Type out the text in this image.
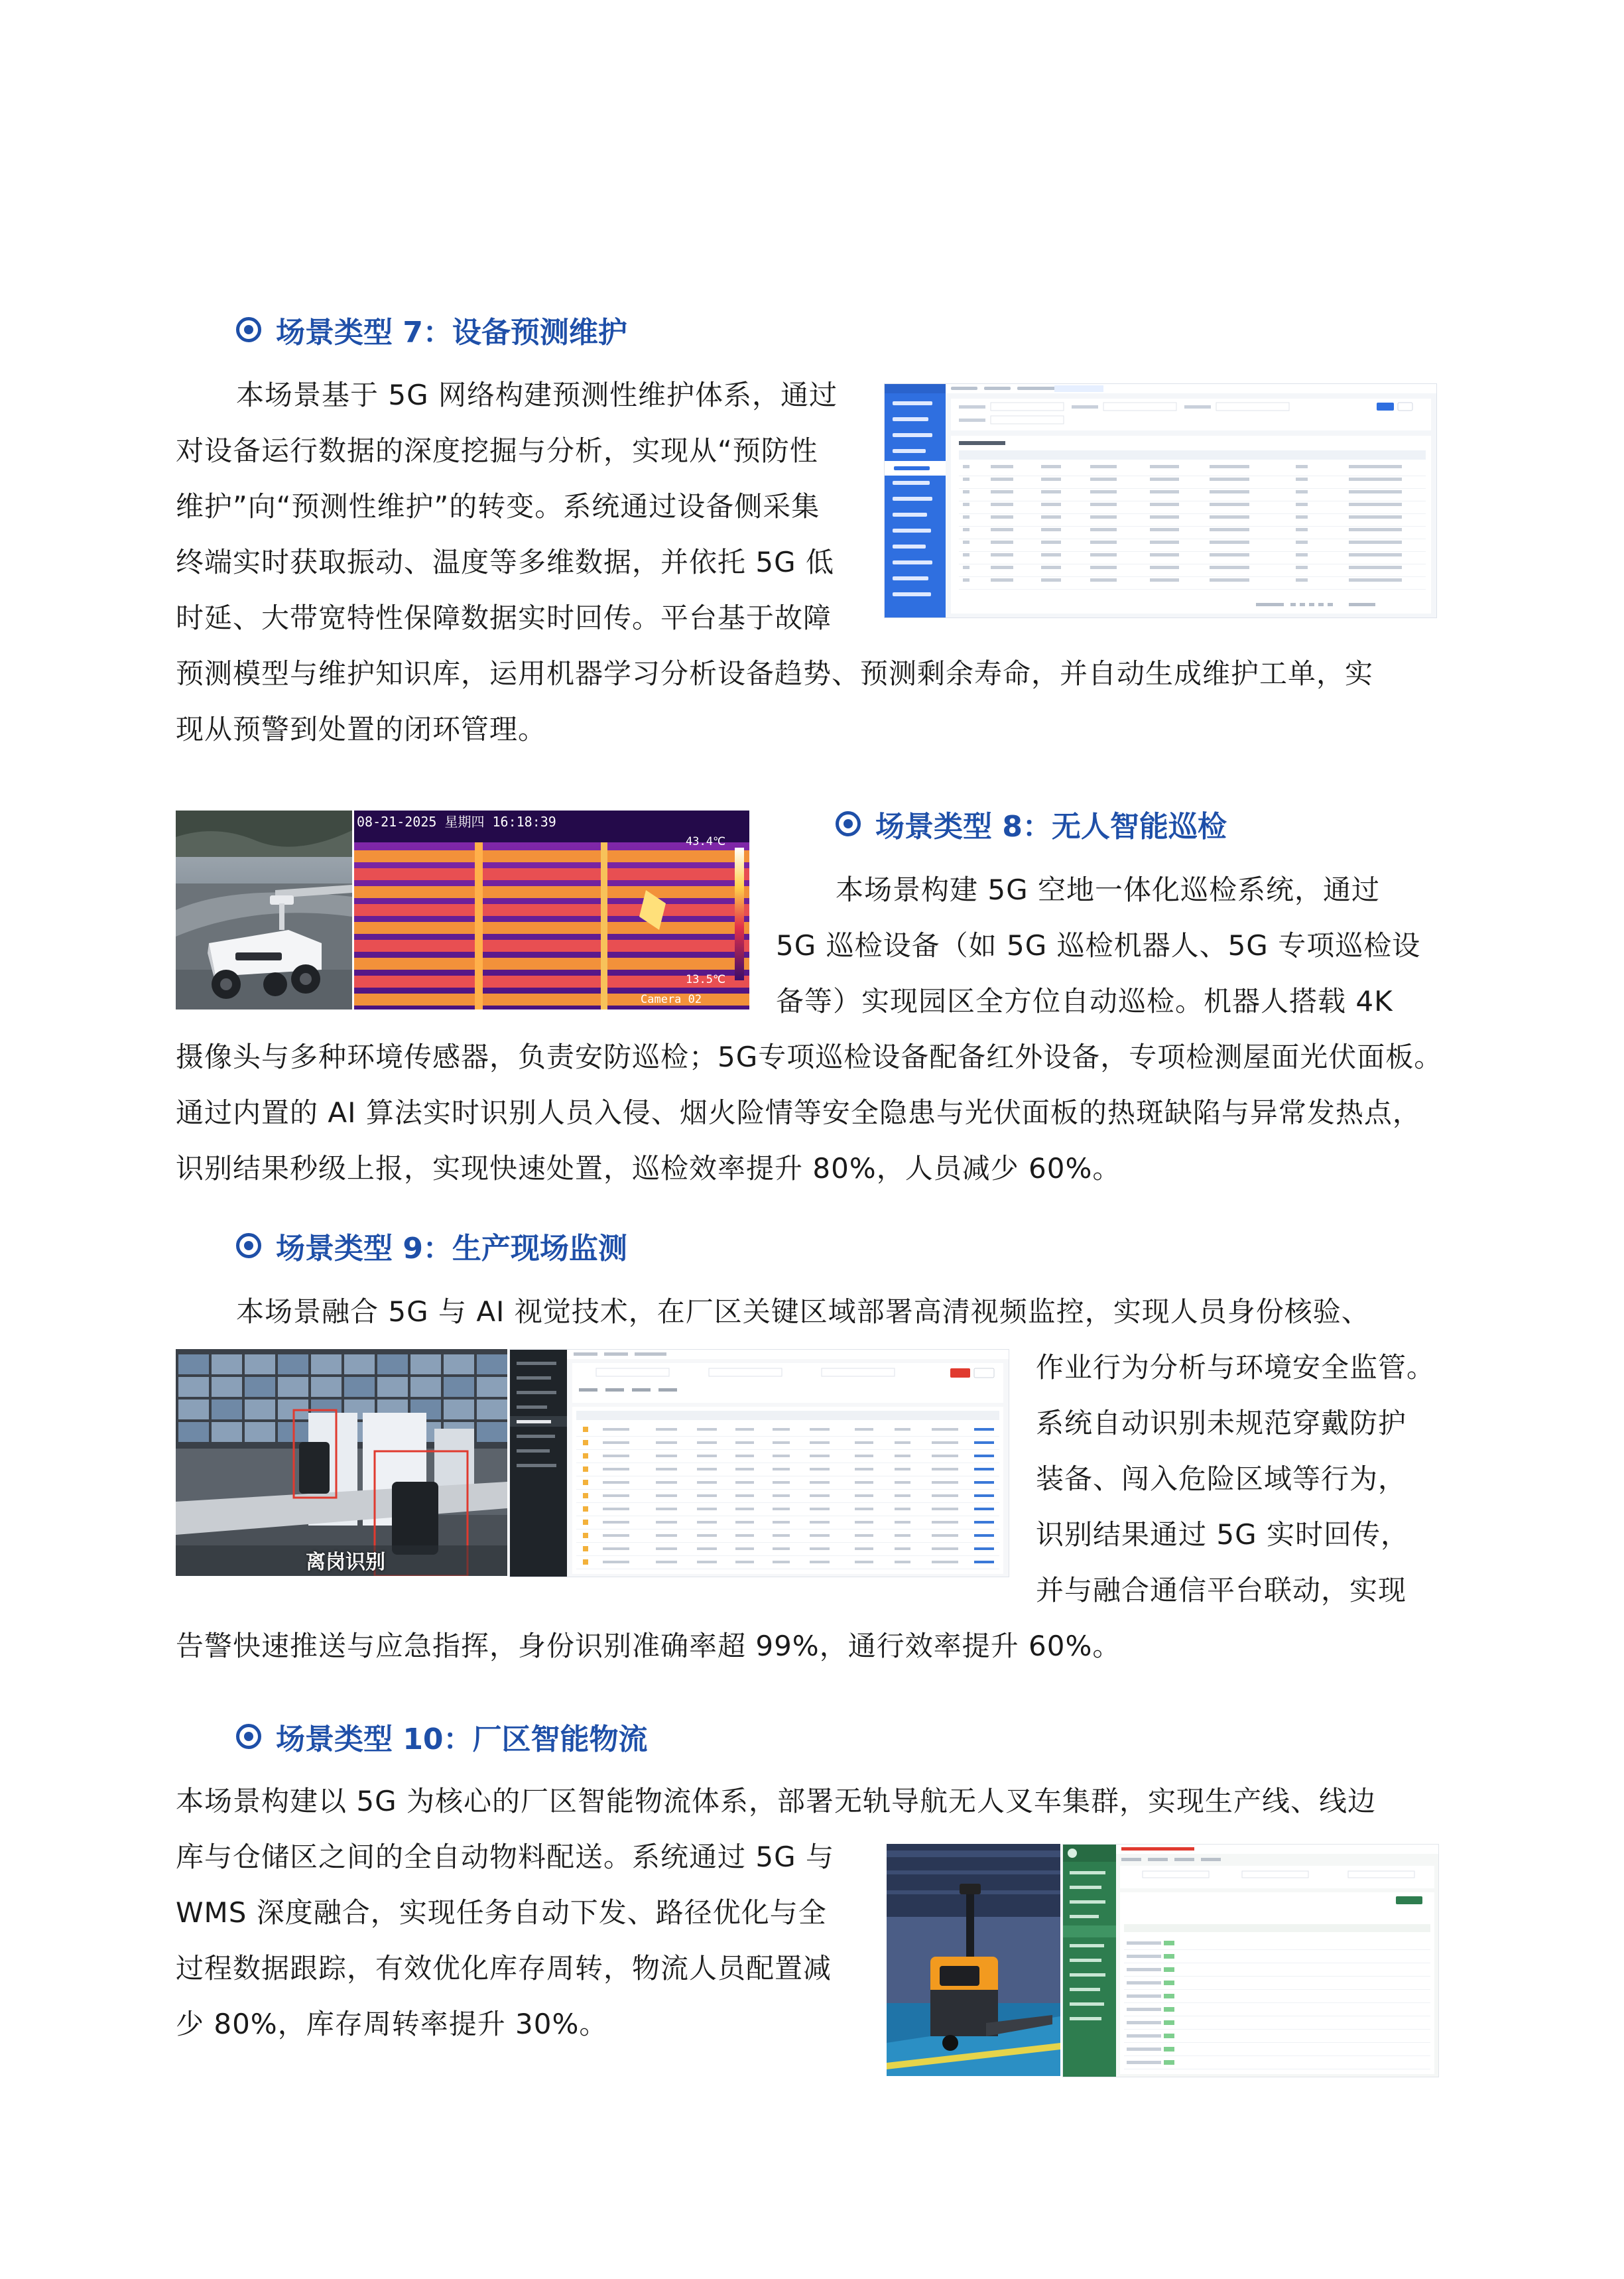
场景类型 7：设备预测维护
本场景基于 5G 网络构建预测性维护体系，通过
对设备运行数据的深度挖掘与分析，实现从“预防性
维护”向“预测性维护”的转变。系统通过设备侧采集
终端实时获取振动、温度等多维数据，并依托 5G 低
时延、大带宽特性保障数据实时回传。平台基于故障
预测模型与维护知识库，运用机器学习分析设备趋势、预测剩余寿命，并自动生成维护工单，实
现从预警到处置的闭环管理。
08-21-2025 星期四 16:18:39
43.4℃
13.5℃
Camera 02
场景类型 8：无人智能巡检
本场景构建 5G 空地一体化巡检系统，通过
5G 巡检设备（如 5G 巡检机器人、5G 专项巡检设
备等）实现园区全方位自动巡检。机器人搭载 4K
摄像头与多种环境传感器，负责安防巡检；5G专项巡检设备配备红外设备，专项检测屋面光伏面板。
通过内置的 AI 算法实时识别人员入侵、烟火险情等安全隐患与光伏面板的热斑缺陷与异常发热点，
识别结果秒级上报，实现快速处置，巡检效率提升 80%，人员减少 60%。
场景类型 9：生产现场监测
本场景融合 5G 与 AI 视觉技术，在厂区关键区域部署高清视频监控，实现人员身份核验、
作业行为分析与环境安全监管。
系统自动识别未规范穿戴防护
装备、闯入危险区域等行为，
识别结果通过 5G 实时回传，
并与融合通信平台联动，实现
告警快速推送与应急指挥，身份识别准确率超 99%，通行效率提升 60%。
离岗识别
场景类型 10：厂区智能物流
本场景构建以 5G 为核心的厂区智能物流体系，部署无轨导航无人叉车集群，实现生产线、线边
库与仓储区之间的全自动物料配送。系统通过 5G 与
WMS 深度融合，实现任务自动下发、路径优化与全
过程数据跟踪，有效优化库存周转，物流人员配置减
少 80%，库存周转率提升 30%。
